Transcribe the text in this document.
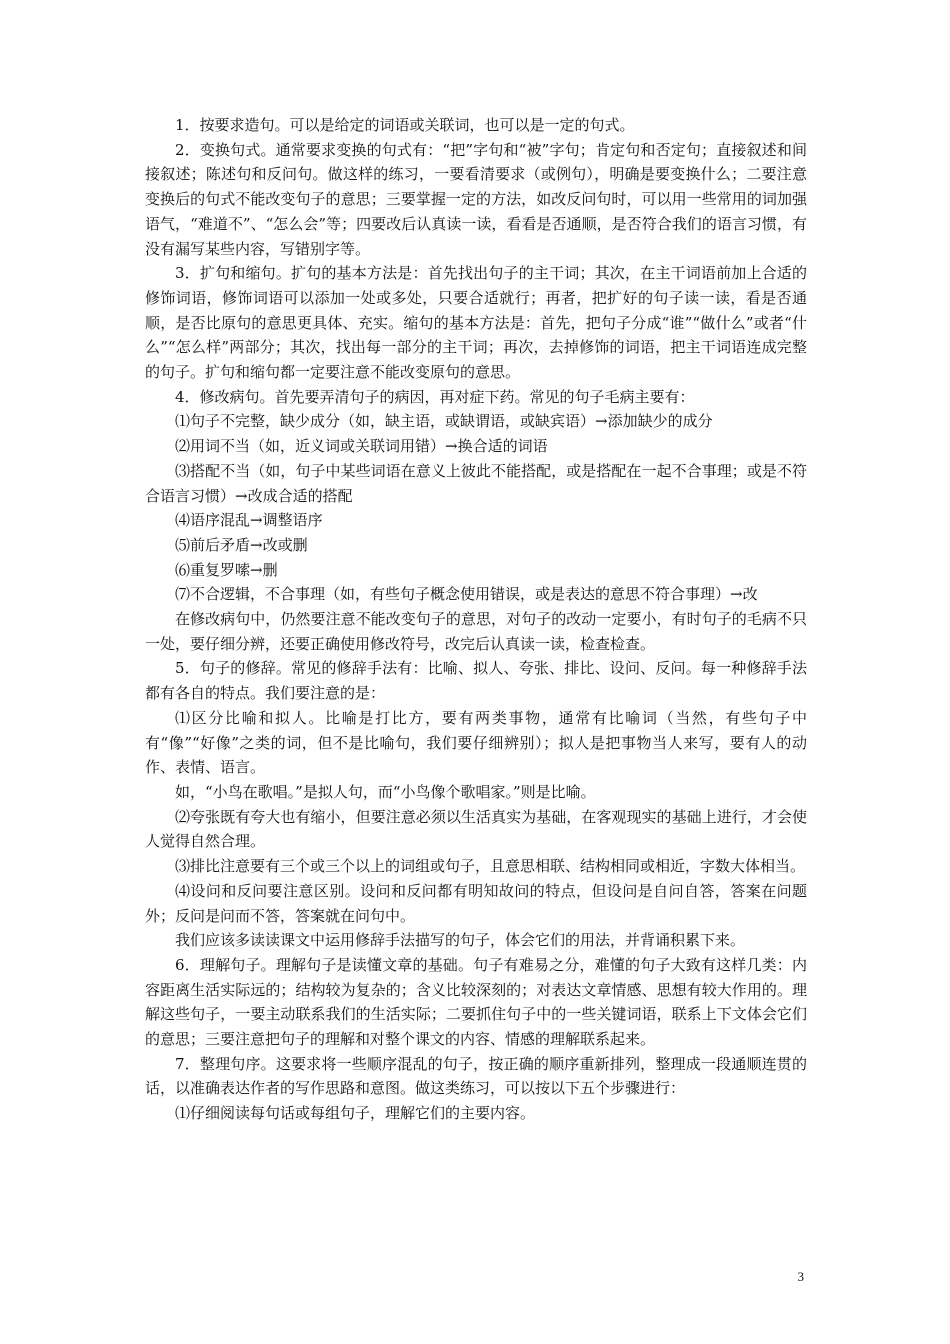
1．按要求造句。可以是给定的词语或关联词，也可以是一定的句式。

2．变换句式。通常要求变换的句式有：“把”字句和“被”字句；肯定句和否定句；直接叙述和间接叙述；陈述句和反问句。做这样的练习，一要看清要求（或例句），明确是要变换什么；二要注意变换后的句式不能改变句子的意思；三要掌握一定的方法，如改反问句时，可以用一些常用的词加强语气，“难道不”、“怎么会”等；四要改后认真读一读，看看是否通顺，是否符合我们的语言习惯，有没有漏写某些内容，写错别字等。

3．扩句和缩句。扩句的基本方法是：首先找出句子的主干词；其次，在主干词语前加上合适的修饰词语，修饰词语可以添加一处或多处，只要合适就行；再者，把扩好的句子读一读，看是否通顺，是否比原句的意思更具体、充实。缩句的基本方法是：首先，把句子分成“谁”“做什么”或者“什么”“怎么样”两部分；其次，找出每一部分的主干词；再次，去掉修饰的词语，把主干词语连成完整的句子。扩句和缩句都一定要注意不能改变原句的意思。

4．修改病句。首先要弄清句子的病因，再对症下药。常见的句子毛病主要有：

⑴句子不完整，缺少成分（如，缺主语，或缺谓语，或缺宾语）→添加缺少的成分

⑵用词不当（如，近义词或关联词用错）→换合适的词语

⑶搭配不当（如，句子中某些词语在意义上彼此不能搭配，或是搭配在一起不合事理；或是不符合语言习惯）→改成合适的搭配

⑷语序混乱→调整语序

⑸前后矛盾→改或删

⑹重复罗嗦→删

⑺不合逻辑，不合事理（如，有些句子概念使用错误，或是表达的意思不符合事理）→改

在修改病句中，仍然要注意不能改变句子的意思，对句子的改动一定要小，有时句子的毛病不只一处，要仔细分辨，还要正确使用修改符号，改完后认真读一读，检查检查。

5．句子的修辞。常见的修辞手法有：比喻、拟人、夸张、排比、设问、反问。每一种修辞手法都有各自的特点。我们要注意的是：

⑴区分比喻和拟人。比喻是打比方，要有两类事物，通常有比喻词（当然，有些句子中有“像”“好像”之类的词，但不是比喻句，我们要仔细辨别）；拟人是把事物当人来写，要有人的动作、表情、语言。

如，“小鸟在歌唱。”是拟人句，而“小鸟像个歌唱家。”则是比喻。

⑵夸张既有夸大也有缩小，但要注意必须以生活真实为基础，在客观现实的基础上进行，才会使人觉得自然合理。

⑶排比注意要有三个或三个以上的词组或句子，且意思相联、结构相同或相近，字数大体相当。

⑷设问和反问要注意区别。设问和反问都有明知故问的特点，但设问是自问自答，答案在问题外；反问是问而不答，答案就在问句中。

我们应该多读读课文中运用修辞手法描写的句子，体会它们的用法，并背诵积累下来。

6．理解句子。理解句子是读懂文章的基础。句子有难易之分，难懂的句子大致有这样几类：内容距离生活实际远的；结构较为复杂的；含义比较深刻的；对表达文章情感、思想有较大作用的。理解这些句子，一要主动联系我们的生活实际；二要抓住句子中的一些关键词语，联系上下文体会它们的意思；三要注意把句子的理解和对整个课文的内容、情感的理解联系起来。

7．整理句序。这要求将一些顺序混乱的句子，按正确的顺序重新排列，整理成一段通顺连贯的话，以准确表达作者的写作思路和意图。做这类练习，可以按以下五个步骤进行：

⑴仔细阅读每句话或每组句子，理解它们的主要内容。

3
